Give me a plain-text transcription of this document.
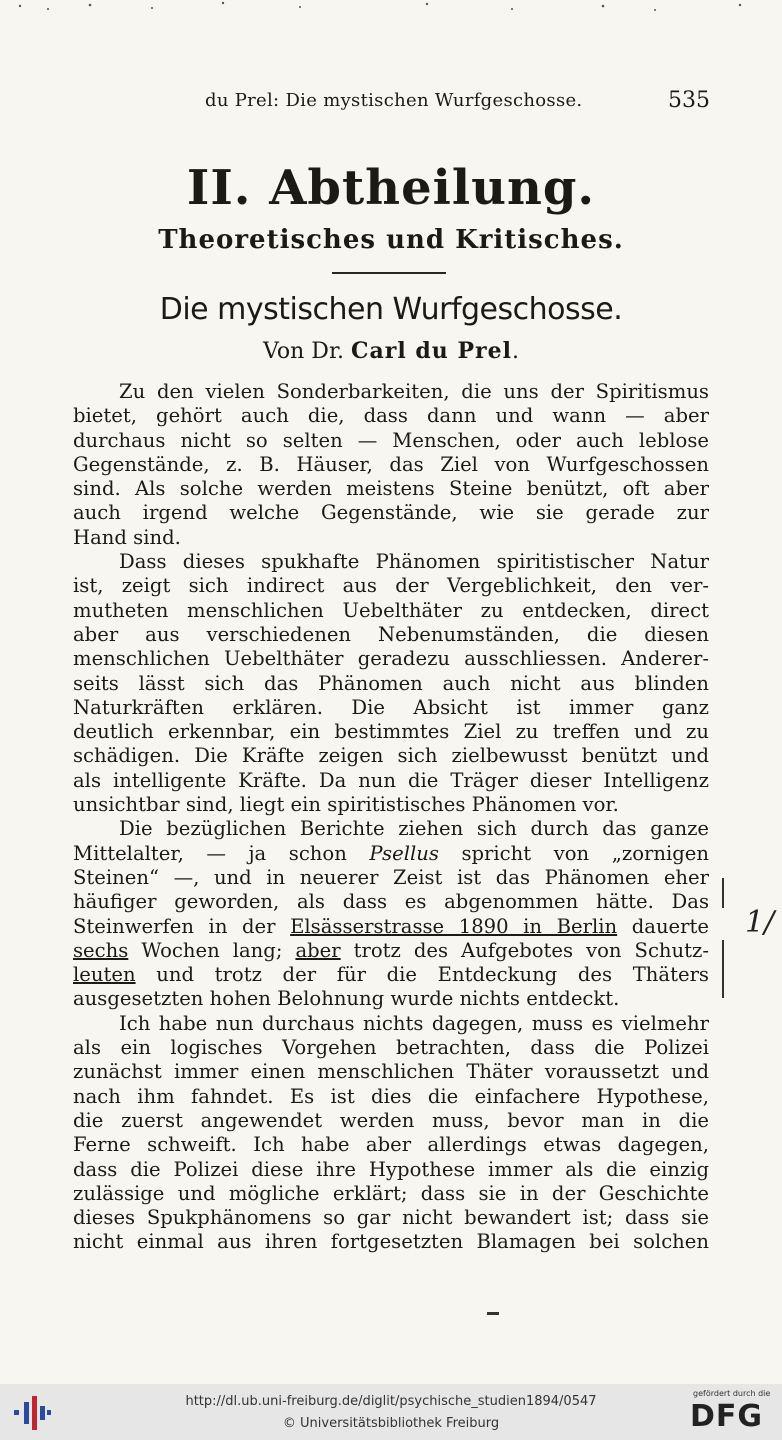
du Prel: Die mystischen Wurfgeschosse.	535
II. Abtheilung.
Theoretisches und Kritisches.
Die mystischen Wurfgeschosse.
Von Dr. Carl du Prel.
Zu den vielen Sonderbarkeiten, die uns der Spiritismus
bietet, gehört auch die, dass dann und wann — aber
durchaus nicht so selten — Menschen, oder auch leblose
Gegenstände, z. B. Häuser, das Ziel von Wurfgeschossen
sind. Als solche werden meistens Steine benützt, oft aber
auch irgend welche Gegenstände, wie sie gerade zur
Hand sind.
Dass dieses spukhafte Phänomen spiritistischer Natur
ist, zeigt sich indirect aus der Vergeblichkeit, den ver-
mutheten menschlichen Uebelthäter zu entdecken, direct
aber aus verschiedenen Nebenumständen, die diesen
menschlichen Uebelthäter geradezu ausschliessen. Anderer-
seits lässt sich das Phänomen auch nicht aus blinden
Naturkräften erklären. Die Absicht ist immer ganz
deutlich erkennbar, ein bestimmtes Ziel zu treffen und zu
schädigen. Die Kräfte zeigen sich zielbewusst benützt und
als intelligente Kräfte. Da nun die Träger dieser Intelligenz
unsichtbar sind, liegt ein spiritistisches Phänomen vor.
Die bezüglichen Berichte ziehen sich durch das ganze
Mittelalter, — ja schon Psellus spricht von „zornigen
Steinen“ —, und in neuerer Zeist ist das Phänomen eher
häufiger geworden, als dass es abgenommen hätte. Das
Steinwerfen in der Elsässerstrasse 1890 in Berlin dauerte
sechs Wochen lang; aber trotz des Aufgebotes von Schutz-
leuten und trotz der für die Entdeckung des Thäters
ausgesetzten hohen Belohnung wurde nichts entdeckt.
Ich habe nun durchaus nichts dagegen, muss es vielmehr
als ein logisches Vorgehen betrachten, dass die Polizei
zunächst immer einen menschlichen Thäter voraussetzt und
nach ihm fahndet. Es ist dies die einfachere Hypothese,
die zuerst angewendet werden muss, bevor man in die
Ferne schweift. Ich habe aber allerdings etwas dagegen,
dass die Polizei diese ihre Hypothese immer als die einzig
zulässige und mögliche erklärt; dass sie in der Geschichte
dieses Spukphänomens so gar nicht bewandert ist; dass sie
nicht einmal aus ihren fortgesetzten Blamagen bei solchen
1/
http://dl.ub.uni-freiburg.de/diglit/psychische_studien1894/0547
© Universitätsbibliothek Freiburg
gefördert durch die
DFG
